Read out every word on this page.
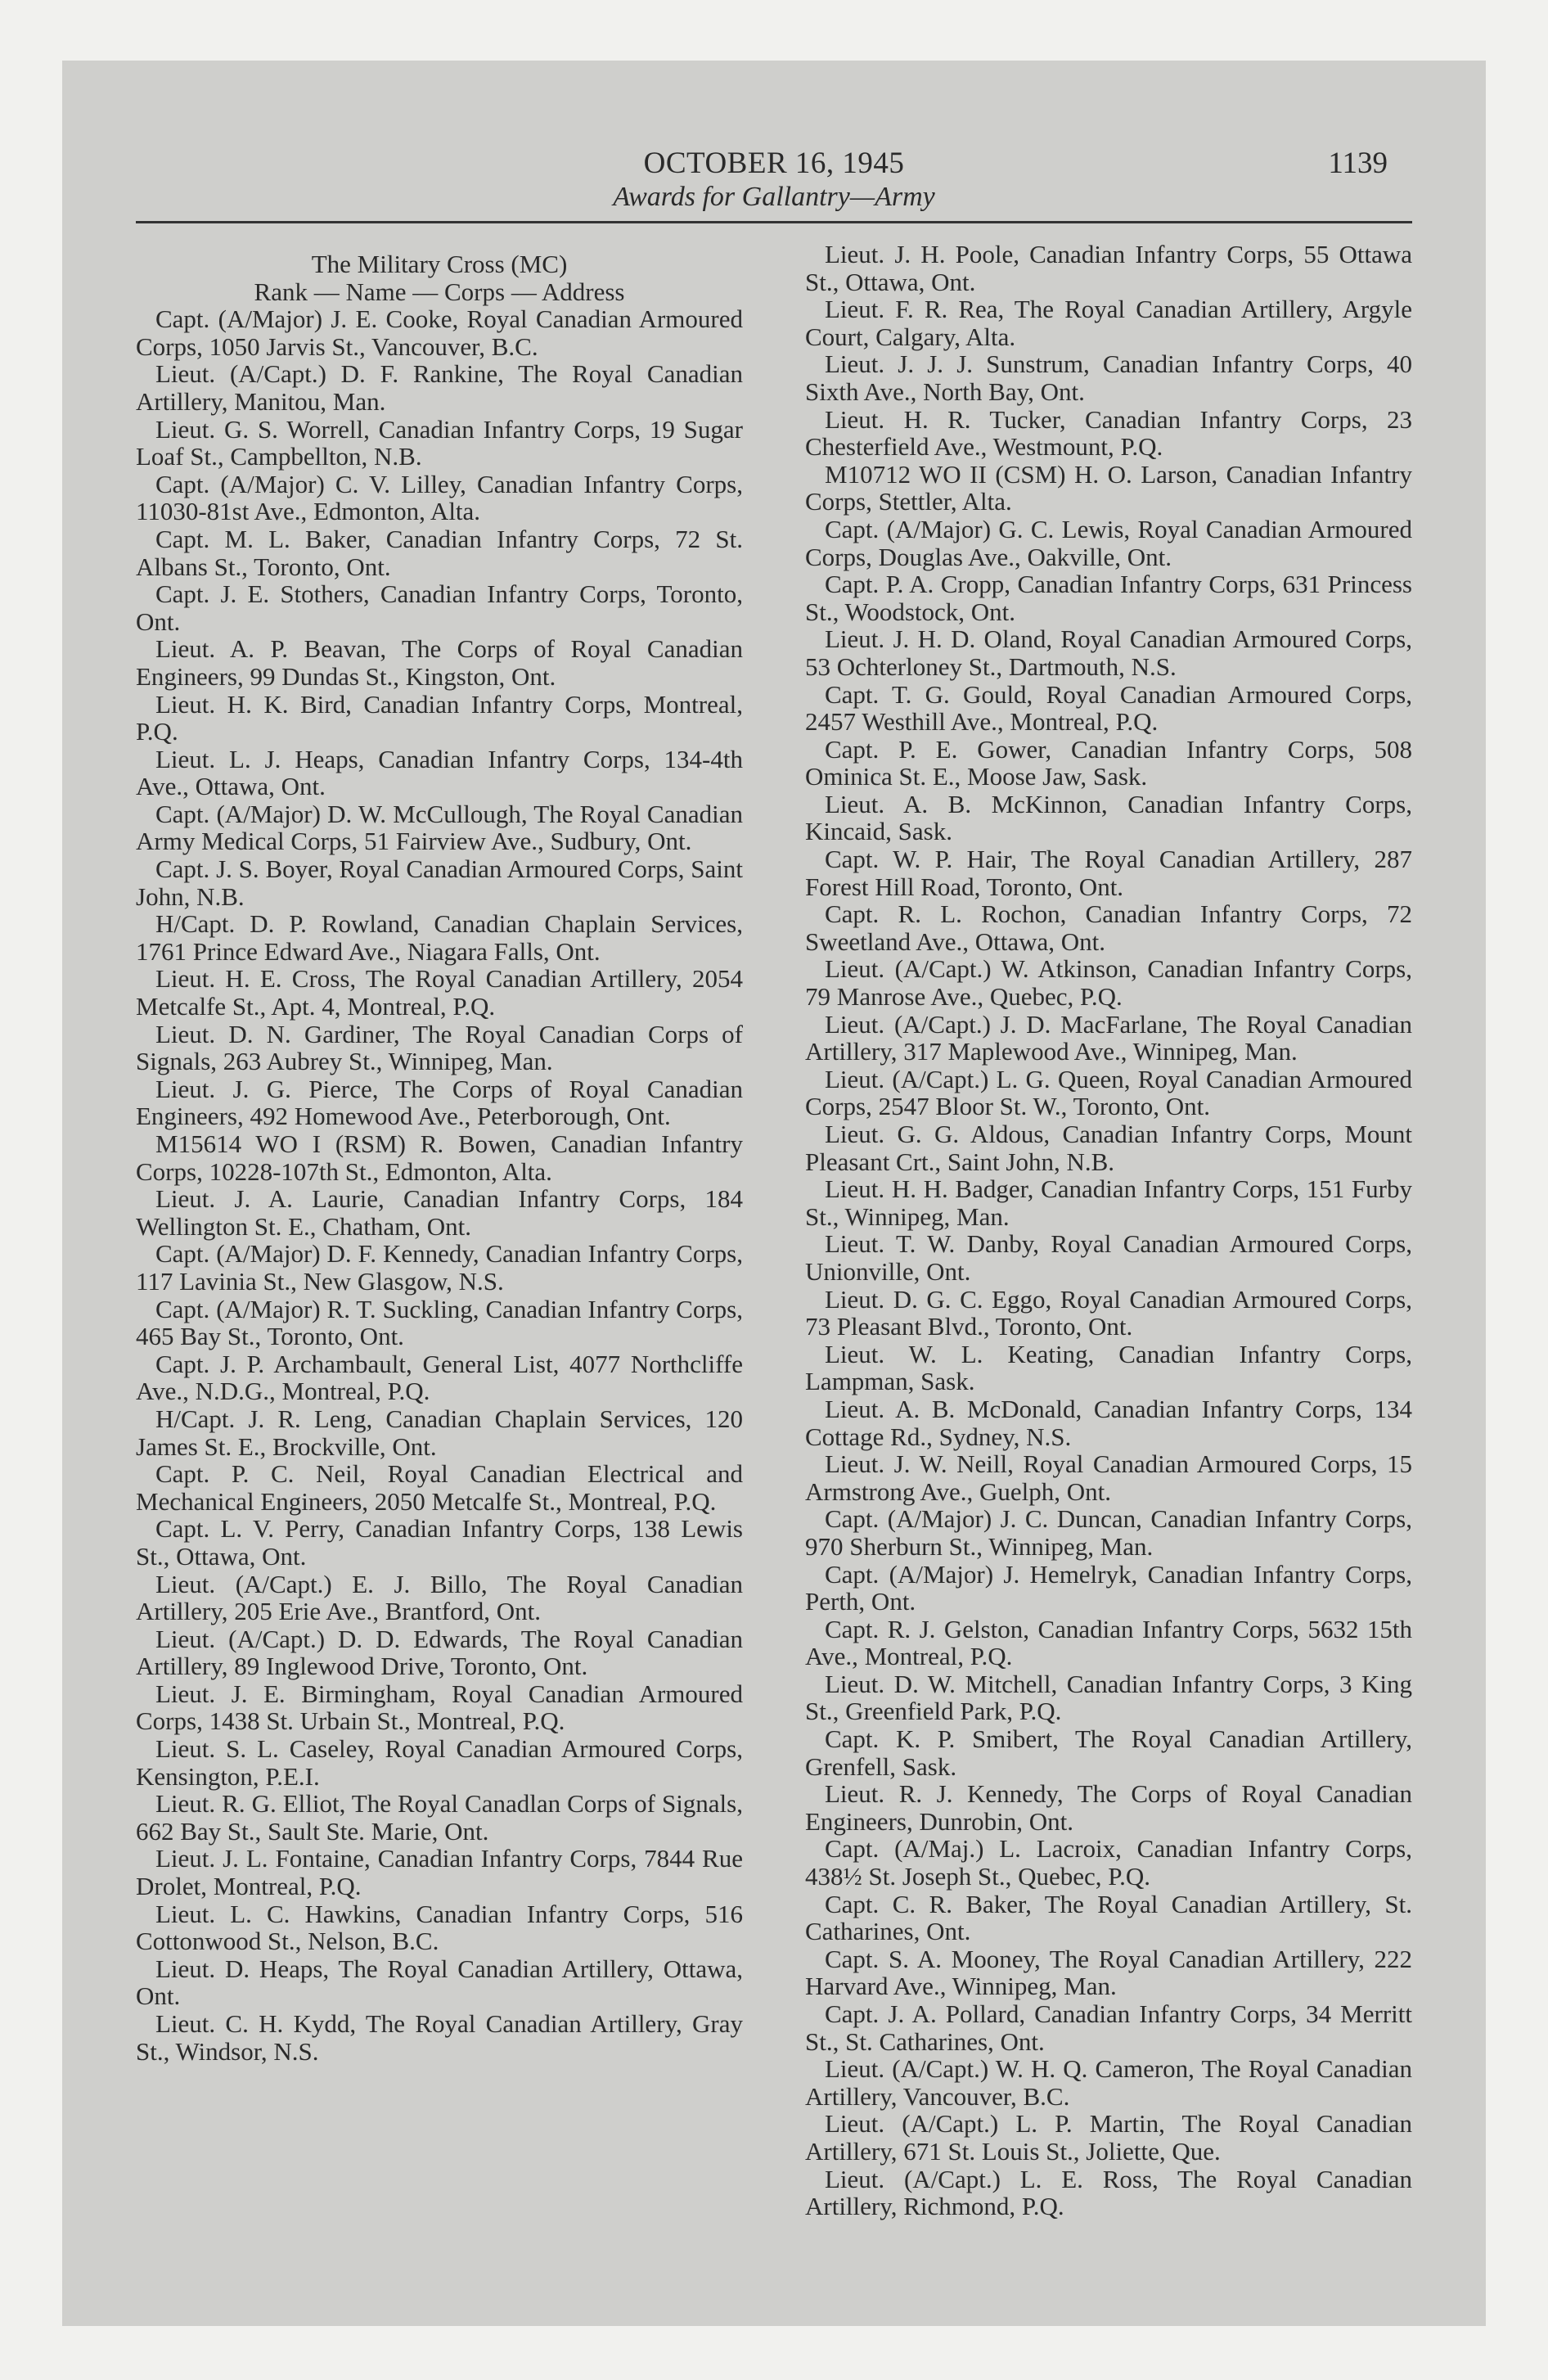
OCTOBER 16, 1945	1139
Awards for Gallantry—Army

The Military Cross (MC)

Rank — Name — Corps — Address

Capt. (A/Major) J. E. Cooke, Royal Canadian Armoured Corps, 1050 Jarvis St., Vancouver, B.C.

Lieut. (A/Capt.) D. F. Rankine, The Royal Canadian Artillery, Manitou, Man.

Lieut. G. S. Worrell, Canadian Infantry Corps, 19 Sugar Loaf St., Campbellton, N.B.

Capt. (A/Major) C. V. Lilley, Canadian Infantry Corps, 11030-81st Ave., Edmonton, Alta.

Capt. M. L. Baker, Canadian Infantry Corps, 72 St. Albans St., Toronto, Ont.

Capt. J. E. Stothers, Canadian Infantry Corps, Toronto, Ont.

Lieut. A. P. Beavan, The Corps of Royal Canadian Engineers, 99 Dundas St., Kingston, Ont.

Lieut. H. K. Bird, Canadian Infantry Corps, Montreal, P.Q.

Lieut. L. J. Heaps, Canadian Infantry Corps, 134-4th Ave., Ottawa, Ont.

Capt. (A/Major) D. W. McCullough, The Royal Canadian Army Medical Corps, 51 Fairview Ave., Sudbury, Ont.

Capt. J. S. Boyer, Royal Canadian Armoured Corps, Saint John, N.B.

H/Capt. D. P. Rowland, Canadian Chaplain Services, 1761 Prince Edward Ave., Niagara Falls, Ont.

Lieut. H. E. Cross, The Royal Canadian Artillery, 2054 Metcalfe St., Apt. 4, Montreal, P.Q.

Lieut. D. N. Gardiner, The Royal Canadian Corps of Signals, 263 Aubrey St., Winnipeg, Man.

Lieut. J. G. Pierce, The Corps of Royal Canadian Engineers, 492 Homewood Ave., Peterborough, Ont.

M15614 WO I (RSM) R. Bowen, Canadian Infantry Corps, 10228-107th St., Edmonton, Alta.

Lieut. J. A. Laurie, Canadian Infantry Corps, 184 Wellington St. E., Chatham, Ont.

Capt. (A/Major) D. F. Kennedy, Canadian Infantry Corps, 117 Lavinia St., New Glasgow, N.S.

Capt. (A/Major) R. T. Suckling, Canadian Infantry Corps, 465 Bay St., Toronto, Ont.

Capt. J. P. Archambault, General List, 4077 Northcliffe Ave., N.D.G., Montreal, P.Q.

H/Capt. J. R. Leng, Canadian Chaplain Services, 120 James St. E., Brockville, Ont.

Capt. P. C. Neil, Royal Canadian Electrical and Mechanical Engineers, 2050 Metcalfe St., Montreal, P.Q.

Capt. L. V. Perry, Canadian Infantry Corps, 138 Lewis St., Ottawa, Ont.

Lieut. (A/Capt.) E. J. Billo, The Royal Canadian Artillery, 205 Erie Ave., Brantford, Ont.

Lieut. (A/Capt.) D. D. Edwards, The Royal Canadian Artillery, 89 Inglewood Drive, Toronto, Ont.

Lieut. J. E. Birmingham, Royal Canadian Armoured Corps, 1438 St. Urbain St., Montreal, P.Q.

Lieut. S. L. Caseley, Royal Canadian Armoured Corps, Kensington, P.E.I.

Lieut. R. G. Elliot, The Royal Canadlan Corps of Signals, 662 Bay St., Sault Ste. Marie, Ont.

Lieut. J. L. Fontaine, Canadian Infantry Corps, 7844 Rue Drolet, Montreal, P.Q.

Lieut. L. C. Hawkins, Canadian Infantry Corps, 516 Cottonwood St., Nelson, B.C.

Lieut. D. Heaps, The Royal Canadian Artillery, Ottawa, Ont.

Lieut. C. H. Kydd, The Royal Canadian Artillery, Gray St., Windsor, N.S.

Lieut. J. H. Poole, Canadian Infantry Corps, 55 Ottawa St., Ottawa, Ont.

Lieut. F. R. Rea, The Royal Canadian Artillery, Argyle Court, Calgary, Alta.

Lieut. J. J. J. Sunstrum, Canadian Infantry Corps, 40 Sixth Ave., North Bay, Ont.

Lieut. H. R. Tucker, Canadian Infantry Corps, 23 Chesterfield Ave., Westmount, P.Q.

M10712 WO II (CSM) H. O. Larson, Canadian Infantry Corps, Stettler, Alta.

Capt. (A/Major) G. C. Lewis, Royal Canadian Armoured Corps, Douglas Ave., Oakville, Ont.

Capt. P. A. Cropp, Canadian Infantry Corps, 631 Princess St., Woodstock, Ont.

Lieut. J. H. D. Oland, Royal Canadian Armoured Corps, 53 Ochterloney St., Dartmouth, N.S.

Capt. T. G. Gould, Royal Canadian Armoured Corps, 2457 Westhill Ave., Montreal, P.Q.

Capt. P. E. Gower, Canadian Infantry Corps, 508 Ominica St. E., Moose Jaw, Sask.

Lieut. A. B. McKinnon, Canadian Infantry Corps, Kincaid, Sask.

Capt. W. P. Hair, The Royal Canadian Artillery, 287 Forest Hill Road, Toronto, Ont.

Capt. R. L. Rochon, Canadian Infantry Corps, 72 Sweetland Ave., Ottawa, Ont.

Lieut. (A/Capt.) W. Atkinson, Canadian Infantry Corps, 79 Manrose Ave., Quebec, P.Q.

Lieut. (A/Capt.) J. D. MacFarlane, The Royal Canadian Artillery, 317 Maplewood Ave., Winnipeg, Man.

Lieut. (A/Capt.) L. G. Queen, Royal Canadian Armoured Corps, 2547 Bloor St. W., Toronto, Ont.

Lieut. G. G. Aldous, Canadian Infantry Corps, Mount Pleasant Crt., Saint John, N.B.

Lieut. H. H. Badger, Canadian Infantry Corps, 151 Furby St., Winnipeg, Man.

Lieut. T. W. Danby, Royal Canadian Armoured Corps, Unionville, Ont.

Lieut. D. G. C. Eggo, Royal Canadian Armoured Corps, 73 Pleasant Blvd., Toronto, Ont.

Lieut. W. L. Keating, Canadian Infantry Corps, Lampman, Sask.

Lieut. A. B. McDonald, Canadian Infantry Corps, 134 Cottage Rd., Sydney, N.S.

Lieut. J. W. Neill, Royal Canadian Armoured Corps, 15 Armstrong Ave., Guelph, Ont.

Capt. (A/Major) J. C. Duncan, Canadian Infantry Corps, 970 Sherburn St., Winnipeg, Man.

Capt. (A/Major) J. Hemelryk, Canadian Infantry Corps, Perth, Ont.

Capt. R. J. Gelston, Canadian Infantry Corps, 5632 15th Ave., Montreal, P.Q.

Lieut. D. W. Mitchell, Canadian Infantry Corps, 3 King St., Greenfield Park, P.Q.

Capt. K. P. Smibert, The Royal Canadian Artillery, Grenfell, Sask.

Lieut. R. J. Kennedy, The Corps of Royal Canadian Engineers, Dunrobin, Ont.

Capt. (A/Maj.) L. Lacroix, Canadian Infantry Corps, 438½ St. Joseph St., Quebec, P.Q.

Capt. C. R. Baker, The Royal Canadian Artillery, St. Catharines, Ont.

Capt. S. A. Mooney, The Royal Canadian Artillery, 222 Harvard Ave., Winnipeg, Man.

Capt. J. A. Pollard, Canadian Infantry Corps, 34 Merritt St., St. Catharines, Ont.

Lieut. (A/Capt.) W. H. Q. Cameron, The Royal Canadian Artillery, Vancouver, B.C.

Lieut. (A/Capt.) L. P. Martin, The Royal Canadian Artillery, 671 St. Louis St., Joliette, Que.

Lieut. (A/Capt.) L. E. Ross, The Royal Canadian Artillery, Richmond, P.Q.
